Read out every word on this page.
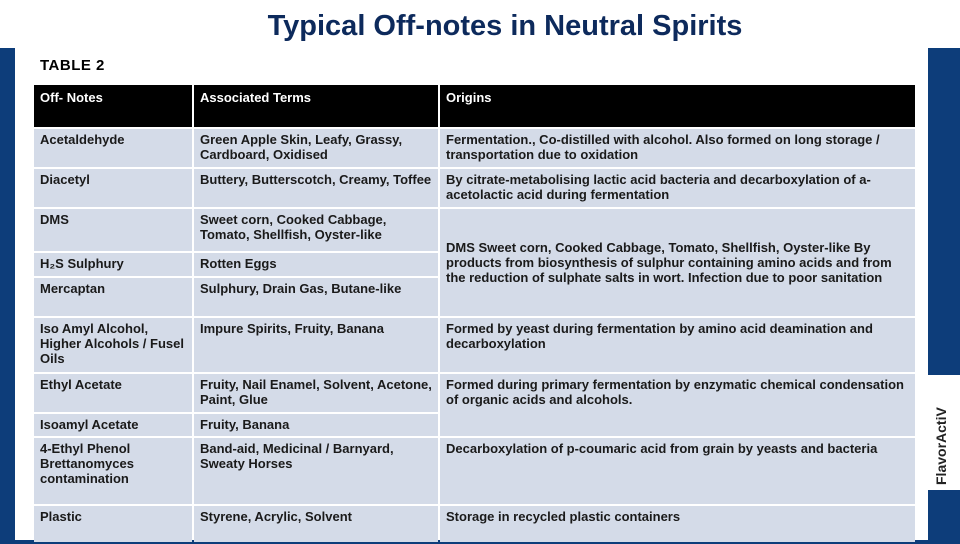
Typical Off-notes in Neutral Spirits
TABLE 2
FlavorActiV
Off- Notes	Associated Terms	Origins
Acetaldehyde	Green Apple Skin, Leafy, Grassy, Cardboard, Oxidised	Fermentation., Co-distilled with alcohol. Also formed on long storage / transportation due to oxidation
Diacetyl	Buttery, Butterscotch, Creamy, Toffee	By citrate-metabolising lactic acid bacteria and decarboxylation of a-acetolactic acid during fermentation
DMS	Sweet corn, Cooked Cabbage, Tomato, Shellfish, Oyster-like	DMS Sweet corn, Cooked Cabbage, Tomato, Shellfish, Oyster-like By products from biosynthesis of sulphur containing amino acids and from the reduction of sulphate salts in wort. Infection due to poor sanitation
H₂S Sulphury	Rotten Eggs	
Mercaptan	Sulphury, Drain Gas, Butane-like	
Iso Amyl Alcohol, Higher Alcohols / Fusel Oils	Impure Spirits, Fruity, Banana	Formed by yeast during fermentation by amino acid deamination and decarboxylation
Ethyl Acetate	Fruity, Nail Enamel, Solvent, Acetone, Paint, Glue	Formed during primary fermentation by enzymatic chemical condensation of organic acids and alcohols.
Isoamyl Acetate	Fruity, Banana	
4-Ethyl Phenol Brettanomyces contamination	Band-aid, Medicinal / Barnyard, Sweaty Horses	Decarboxylation of p-coumaric acid from grain by yeasts and bacteria
Plastic	Styrene, Acrylic, Solvent	Storage in recycled plastic containers
